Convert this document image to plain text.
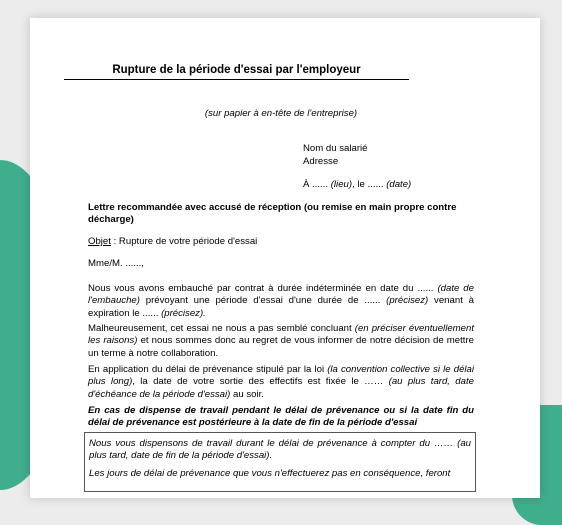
Rupture de la période d'essai par l'employeur
(sur papier à en-tête de l'entreprise)
Nom du salarié
Adresse
À ...... (lieu), le ...... (date)
Lettre recommandée avec accusé de réception (ou remise en main propre contre décharge)
Objet : Rupture de votre période d'essai
Mme/M. ......,
Nous vous avons embauché par contrat à durée indéterminée en date du ...... (date de l'embauche) prévoyant une période d'essai d'une durée de ...... (précisez) venant à expiration le ...... (précisez).
Malheureusement, cet essai ne nous a pas semblé concluant (en préciser éventuellement les raisons) et nous sommes donc au regret de vous informer de notre décision de mettre un terme à notre collaboration.
En application du délai de prévenance stipulé par la loi (la convention collective si le délai plus long), la date de votre sortie des effectifs est fixée le …… (au plus tard, date d'échéance de la période d'essai) au soir.
En cas de dispense de travail pendant le délai de prévenance ou si la date fin du délai de prévenance est postérieure à la date de fin de la période d'essai

Nous vous dispensons de travail durant le délai de prévenance à compter du …… (au plus tard, date de fin de la période d'essai).

Les jours de délai de prévenance que vous n'effectuerez pas en conséquence, feront
